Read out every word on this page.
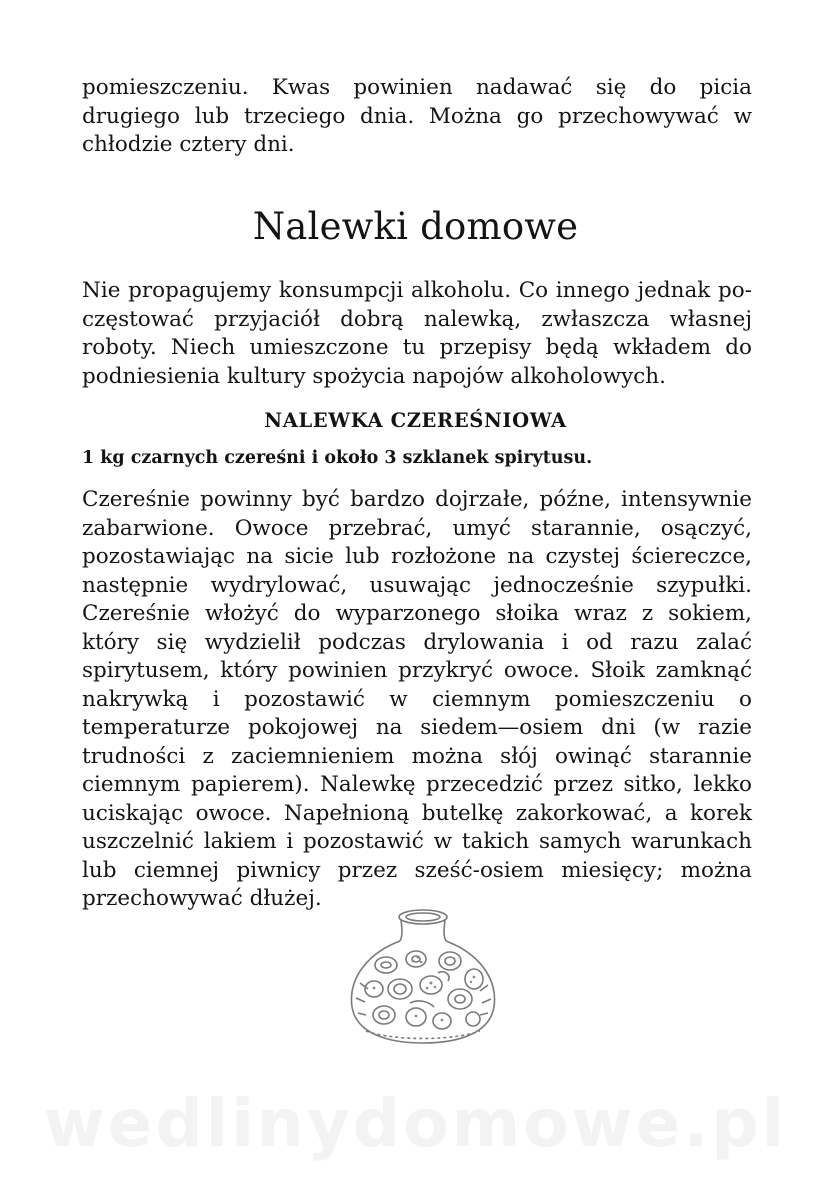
pomieszczeniu. Kwas powinien nadawać się do picia drugiego lub trzeciego dnia. Można go przechowywać w chłodzie cztery dni.

Nalewki domowe

Nie propagujemy konsumpcji alkoholu. Co innego jednak poczęstować przyjaciół dobrą nalewką, zwłaszcza własnej roboty. Niech umieszczone tu przepisy będą wkładem do podniesienia kultury spożycia napojów alkoholowych.

NALEWKA CZEREŚNIOWA

1 kg czarnych czereśni i około 3 szklanek spirytusu.

Czereśnie powinny być bardzo dojrzałe, późne, intensywnie zabarwione. Owoce przebrać, umyć starannie, osączyć, pozostawiając na sicie lub rozłożone na czystej ściereczce, następnie wydrylować, usuwając jednocześnie szypułki. Czereśnie włożyć do wyparzonego słoika wraz z sokiem, który się wydzielił podczas drylowania i od razu zalać spirytusem, który powinien przykryć owoce. Słoik zamknąć nakrywką i pozostawić w ciemnym pomieszczeniu o temperaturze pokojowej na siedem—osiem dni (w razie trudności z zaciemnieniem można słój owinąć starannie ciemnym papierem). Nalewkę przecedzić przez sitko, lekko uciskając owoce. Napełnioną butelkę zakorkować, a korek uszczelnić lakiem i pozostawić w takich samych warunkach lub ciemnej piwnicy przez sześć-osiem miesięcy; można przechowywać dłużej.

wedlinydomowe.pl
